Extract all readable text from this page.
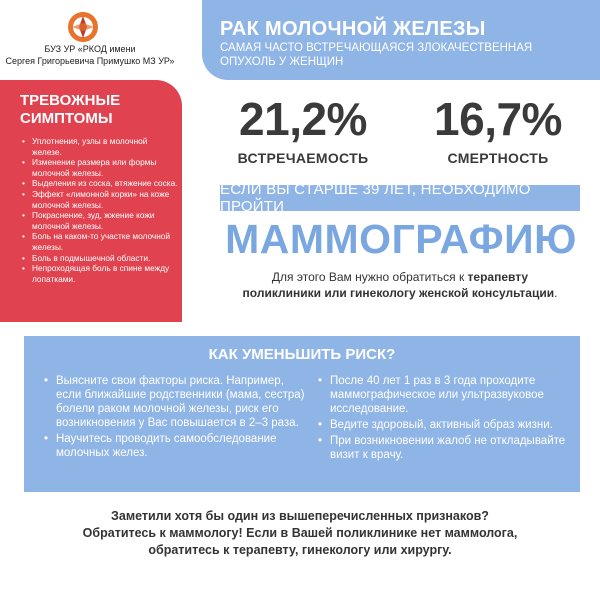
БУЗ УР «РКОД имени
Сергея Григорьевича Примушко МЗ УР»
РАК МОЛОЧНОЙ ЖЕЛЕЗЫ
САМАЯ ЧАСТО ВСТРЕЧАЮЩАЯСЯ ЗЛОКАЧЕСТВЕННАЯ
ОПУХОЛЬ У ЖЕНЩИН
ТРЕВОЖНЫЕ
СИМПТОМЫ
• Уплотнения, узлы в молочной железе.
• Изменение размера или формы молочной железы.
• Выделения из соска, втяжение соска.
• Эффект «лимонной корки» на коже молочной железы.
• Покраснение, зуд, жжение кожи молочной железы.
• Боль на каком-то участке молочной железы.
• Боль в подмышечной области.
• Непроходящая боль в спине между лопатками.
21,2%
ВСТРЕЧАЕМОСТЬ
16,7%
СМЕРТНОСТЬ
ЕСЛИ ВЫ СТАРШЕ 39 ЛЕТ, НЕОБХОДИМО ПРОЙТИ
МАММОГРАФИЮ
Для этого Вам нужно обратиться к терапевту
поликлиники или гинекологу женской консультации.
КАК УМЕНЬШИТЬ РИСК?
• Выясните свои факторы риска. Например, если ближайшие родственники (мама, сестра) болели раком молочной железы, риск его возникновения у Вас повышается в 2–3 раза.
• Научитесь проводить самообследование молочных желез.
• После 40 лет 1 раз в 3 года проходите маммографическое или ультразвуковое исследование.
• Ведите здоровый, активный образ жизни.
• При возникновении жалоб не откладывайте визит к врачу.
Заметили хотя бы один из вышеперечисленных признаков?
Обратитесь к маммологу! Если в Вашей поликлинике нет маммолога,
обратитесь к терапевту, гинекологу или хирургу.
